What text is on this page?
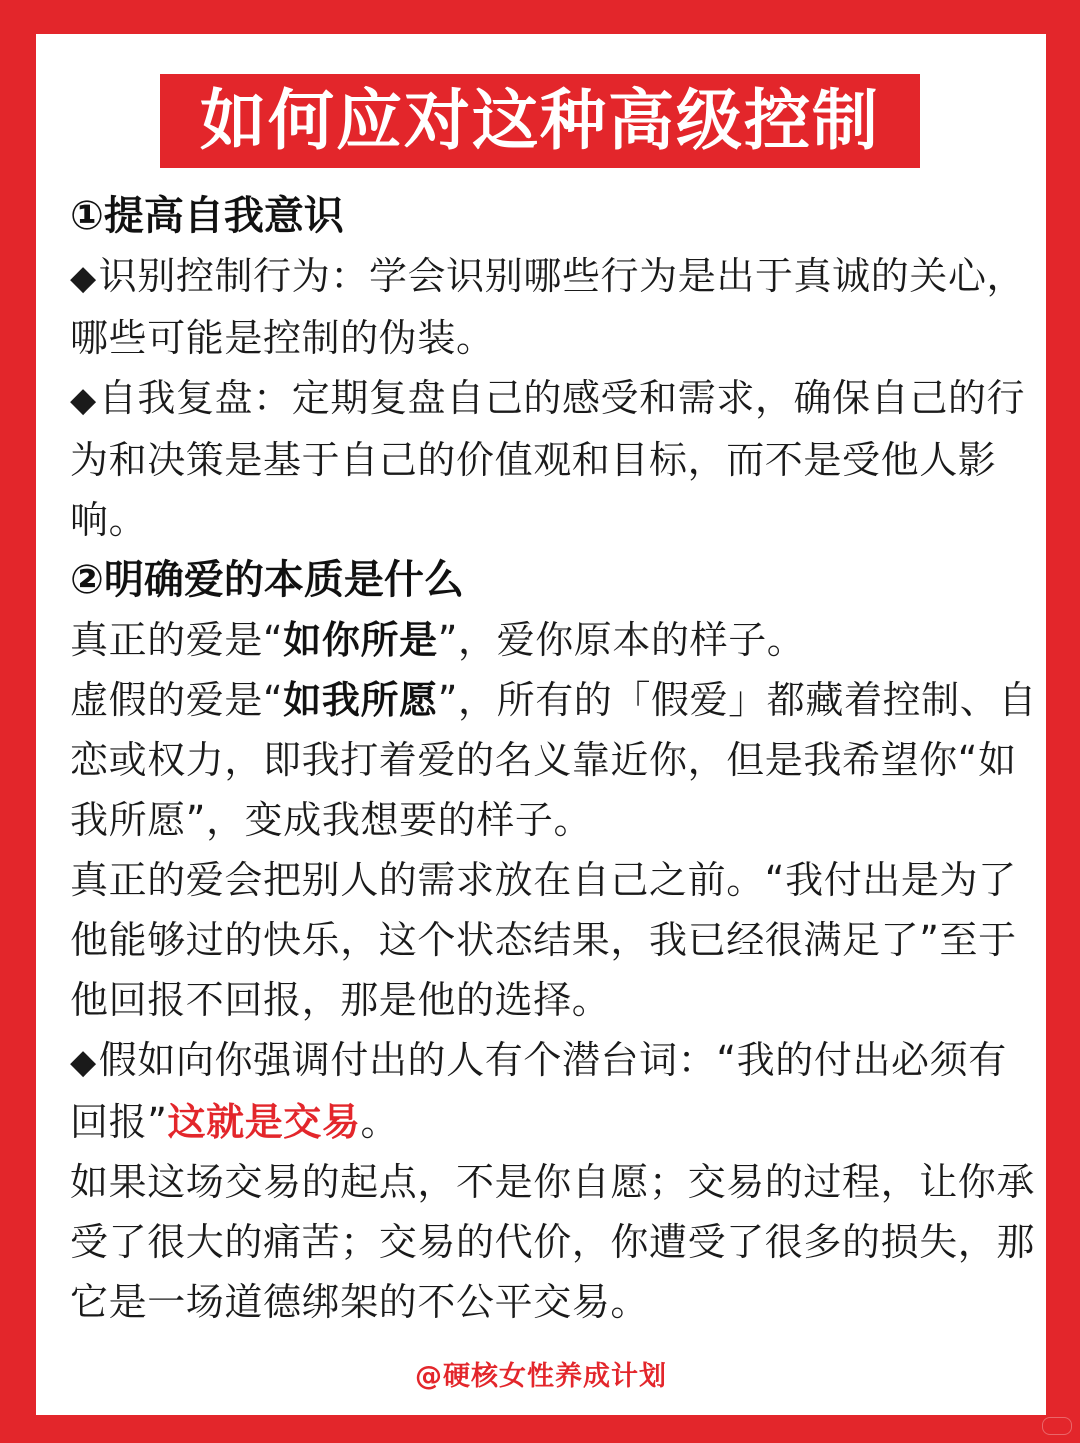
如何应对这种高级控制
①提高自我意识
◆识别控制行为：学会识别哪些行为是出于真诚的关心，哪些可能是控制的伪装。
◆自我复盘：定期复盘自己的感受和需求，确保自己的行为和决策是基于自己的价值观和目标，而不是受他人影响。
②明确爱的本质是什么
真正的爱是“如你所是”，爱你原本的样子。
虚假的爱是“如我所愿”，所有的「假爱」都藏着控制、自恋或权力，即我打着爱的名义靠近你，但是我希望你“如我所愿”，变成我想要的样子。
真正的爱会把别人的需求放在自己之前。“我付出是为了他能够过的快乐，这个状态结果，我已经很满足了”至于他回报不回报，那是他的选择。
◆假如向你强调付出的人有个潜台词：“我的付出必须有回报”这就是交易。
如果这场交易的起点，不是你自愿；交易的过程，让你承受了很大的痛苦；交易的代价，你遭受了很多的损失，那它是一场道德绑架的不公平交易。
@硬核女性养成计划
